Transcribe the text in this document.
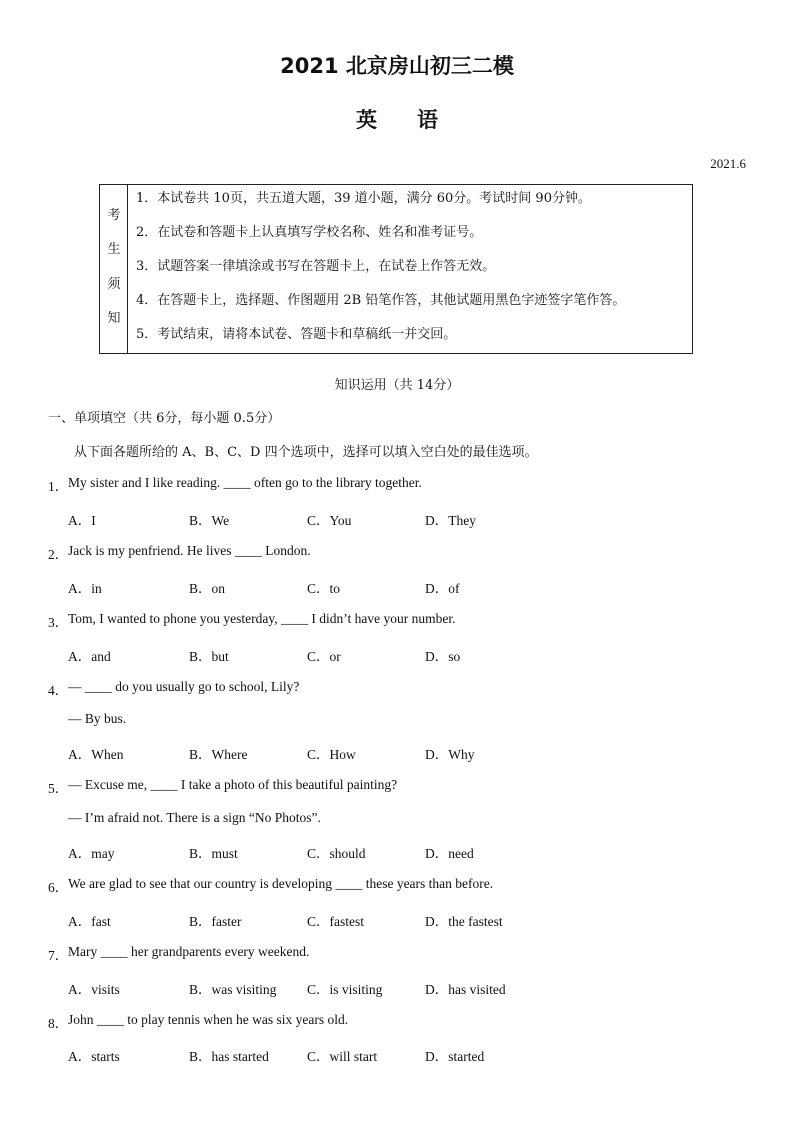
2021 北京房山初三二模
英语
2021.6
考
生
须
知
1．本试卷共 10页，共五道大题，39 道小题，满分 60分。考试时间 90分钟。
2．在试卷和答题卡上认真填写学校名称、姓名和准考证号。
3．试题答案一律填涂或书写在答题卡上，在试卷上作答无效。
4．在答题卡上，选择题、作图题用 2B 铅笔作答，其他试题用黑色字迹签字笔作答。
5．考试结束，请将本试卷、答题卡和草稿纸一并交回。
知识运用（共 14分）
一、单项填空（共 6分，每小题 0.5分）
从下面各题所给的 A、B、C、D 四个选项中，选择可以填入空白处的最佳选项。
1． My sister and I like reading. ____ often go to the library together.
A．I	B．We	C．You	D．They
2． Jack is my penfriend. He lives ____ London.
A．in	B．on	C．to	D．of
3． Tom, I wanted to phone you yesterday, ____ I didn’t have your number.
A．and	B．but	C．or	D．so
4． — ____ do you usually go to school, Lily?
— By bus.
A．When	B．Where	C．How	D．Why
5． — Excuse me, ____ I take a photo of this beautiful painting?
— I’m afraid not. There is a sign “No Photos”.
A．may	B．must	C．should	D．need
6． We are glad to see that our country is developing ____ these years than before.
A．fast	B．faster	C．fastest	D．the fastest
7． Mary ____ her grandparents every weekend.
A．visits	B．was visiting C．is visiting	D．has visited
8． John ____ to play tennis when he was six years old.
A．starts	B．has started	C．will start	D．started
